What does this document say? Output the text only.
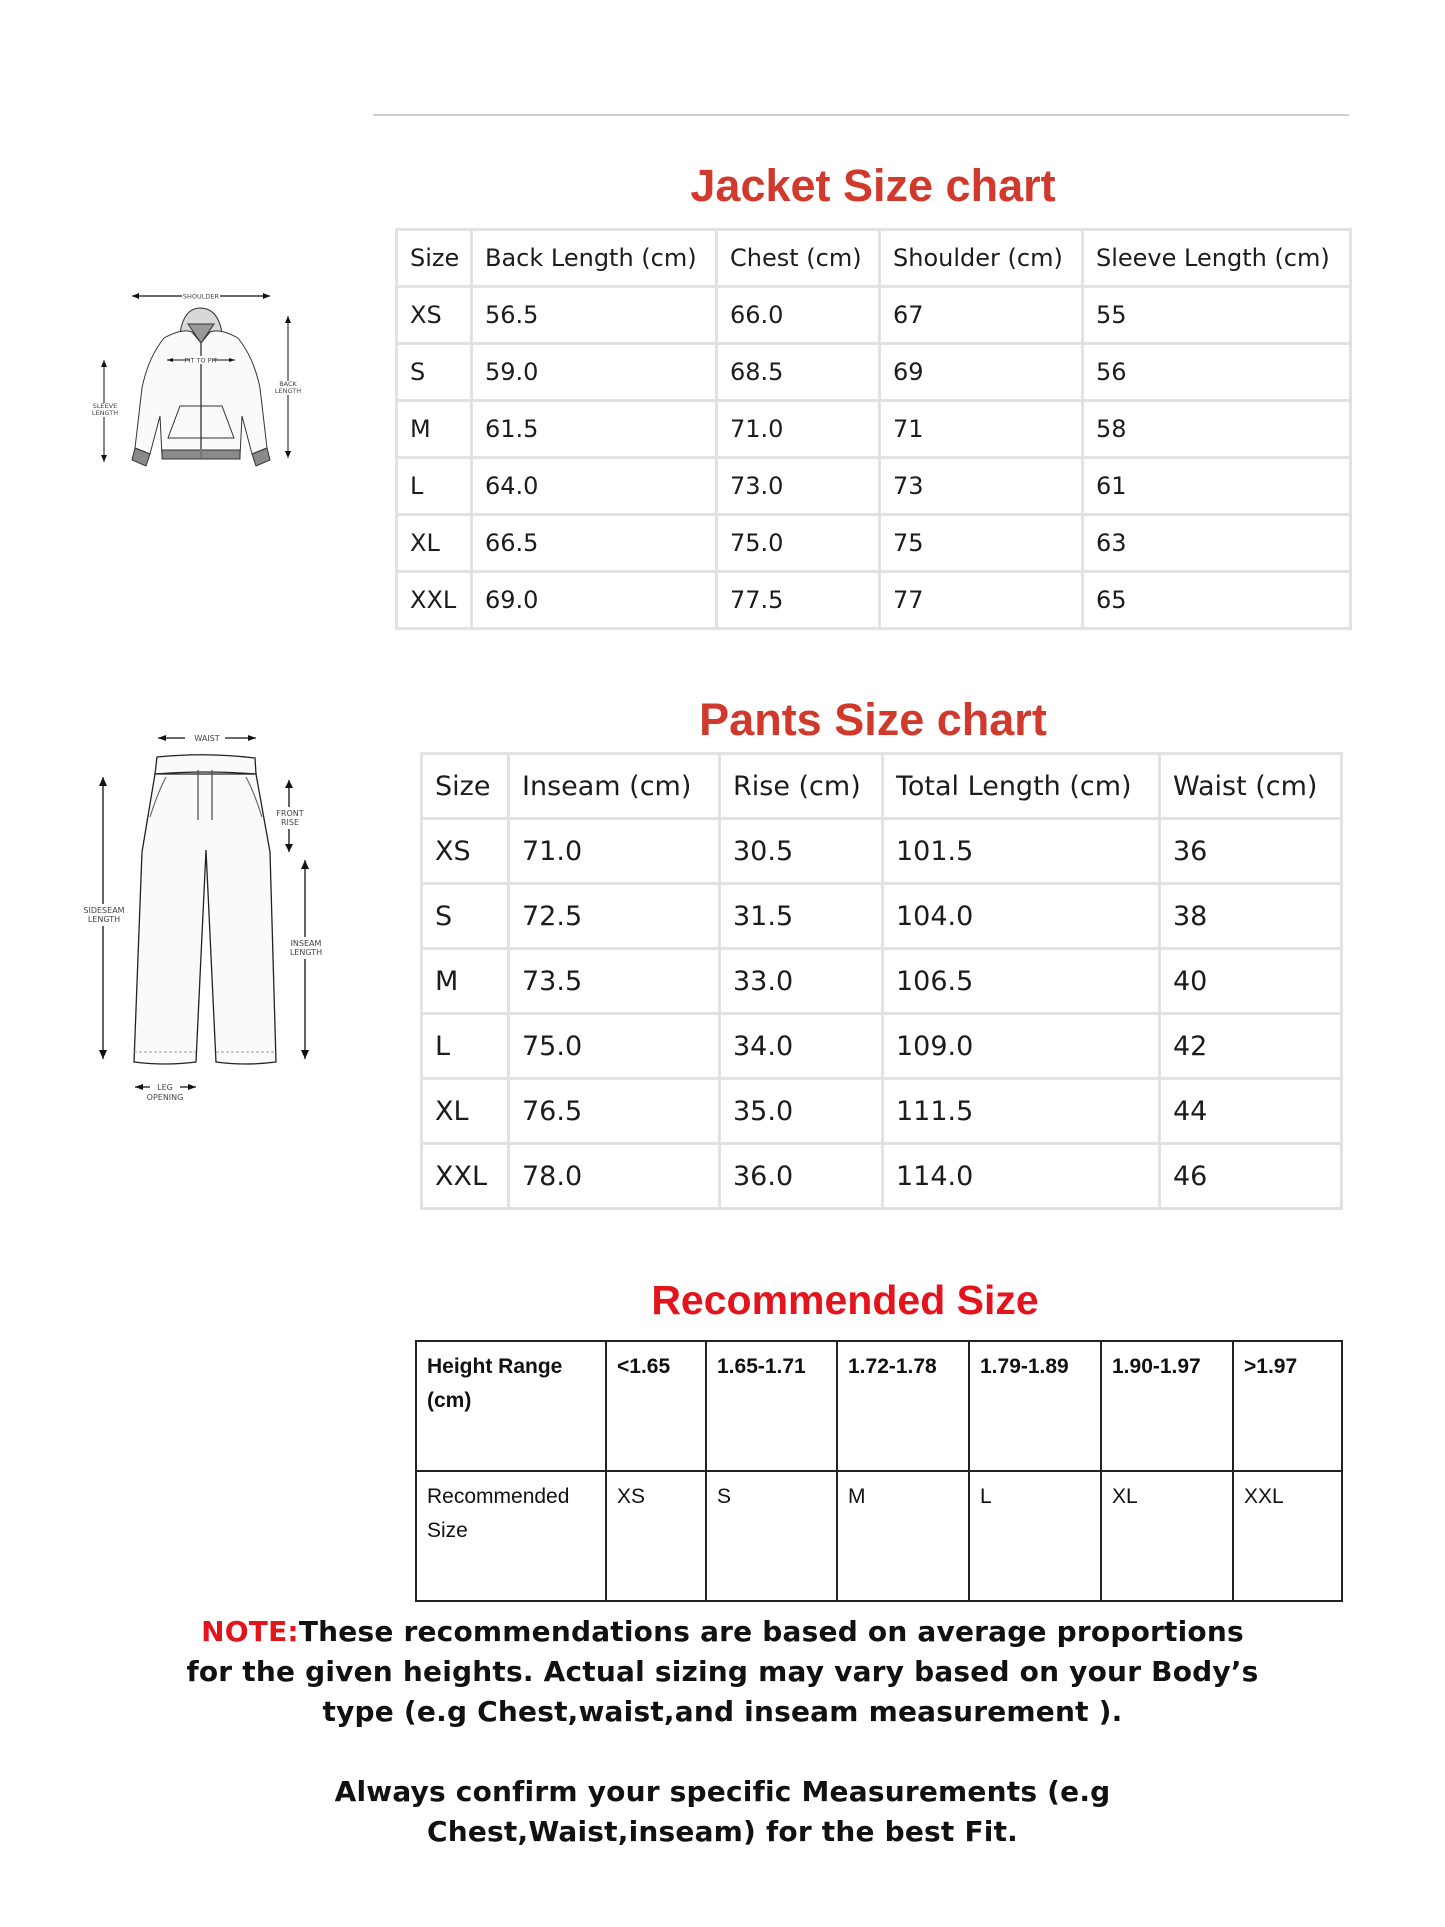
SHOULDER
PIT TO PIT
SLEEVE
LENGTH
BACK
LENGTH
Jacket Size chart
Size	Back Length (cm)	Chest (cm)	Shoulder (cm)	Sleeve Length (cm)
XS	56.5	66.0	67	55
S	59.0	68.5	69	56
M	61.5	71.0	71	58
L	64.0	73.0	73	61
XL	66.5	75.0	75	63
XXL	69.0	77.5	77	65
WAIST
FRONT
RISE
SIDESEAM
LENGTH
INSEAM
LENGTH
LEG
OPENING
Pants Size chart
Size	Inseam (cm)	Rise (cm)	Total Length (cm)	Waist (cm)
XS	71.0	30.5	101.5	36
S	72.5	31.5	104.0	38
M	73.5	33.0	106.5	40
L	75.0	34.0	109.0	42
XL	76.5	35.0	111.5	44
XXL	78.0	36.0	114.0	46
Recommended Size
Height Range
(cm)	<1.65	1.65-1.71	1.72-1.78	1.79-1.89	1.90-1.97	>1.97
Recommended
Size	XS	S	M	L	XL	XXL
NOTE:These recommendations are based on average proportions for the given heights. Actual sizing may vary based on your Body’s type (e.g Chest,waist,and inseam measurement ).
Always confirm your specific Measurements (e.g Chest,Waist,inseam) for the best Fit.
